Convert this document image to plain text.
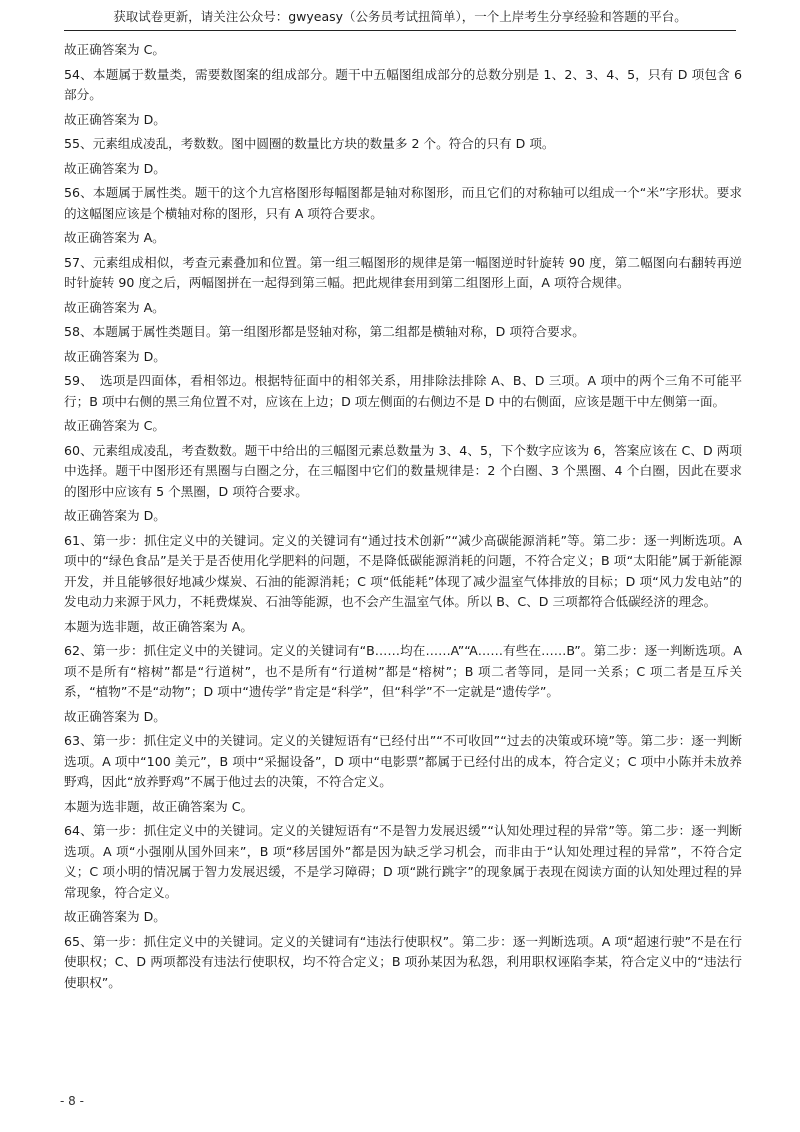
获取试卷更新，请关注公众号：gwyeasy（公务员考试扭简单），一个上岸考生分享经验和答题的平台。
故正确答案为 C。
54、本题属于数量类，需要数图案的组成部分。题干中五幅图组成部分的总数分别是 1、2、3、4、5，只有 D 项包含 6 部分。
故正确答案为 D。
55、元素组成凌乱，考数数。图中圆圈的数量比方块的数量多 2 个。符合的只有 D 项。
故正确答案为 D。
56、本题属于属性类。题干的这个九宫格图形每幅图都是轴对称图形，而且它们的对称轴可以组成一个“米”字形状。要求的这幅图应该是个横轴对称的图形，只有 A 项符合要求。
故正确答案为 A。
57、元素组成相似，考查元素叠加和位置。第一组三幅图形的规律是第一幅图逆时针旋转 90 度，第二幅图向右翻转再逆时针旋转 90 度之后，两幅图拼在一起得到第三幅。把此规律套用到第二组图形上面，A 项符合规律。
故正确答案为 A。
58、本题属于属性类题目。第一组图形都是竖轴对称，第二组都是横轴对称，D 项符合要求。
故正确答案为 D。
59、　选项是四面体，看相邻边。根据特征面中的相邻关系，用排除法排除 A、B、D 三项。A 项中的两个三角不可能平行；B 项中右侧的黑三角位置不对，应该在上边；D 项左侧面的右侧边不是 D 中的右侧面，应该是题干中左侧第一面。
故正确答案为 C。
60、元素组成凌乱，考查数数。题干中给出的三幅图元素总数量为 3、4、5，下个数字应该为 6，答案应该在 C、D 两项中选择。题干中图形还有黑圈与白圈之分，在三幅图中它们的数量规律是：2 个白圈、3 个黑圈、4 个白圈，因此在要求的图形中应该有 5 个黑圈，D 项符合要求。
故正确答案为 D。
61、第一步：抓住定义中的关键词。定义的关键词有“通过技术创新”“减少高碳能源消耗”等。第二步：逐一判断选项。A 项中的“绿色食品”是关于是否使用化学肥料的问题，不是降低碳能源消耗的问题，不符合定义；B 项“太阳能”属于新能源开发，并且能够很好地减少煤炭、石油的能源消耗；C 项“低能耗”体现了减少温室气体排放的目标；D 项“风力发电站”的发电动力来源于风力，不耗费煤炭、石油等能源，也不会产生温室气体。所以 B、C、D 三项都符合低碳经济的理念。
本题为选非题，故正确答案为 A。
62、第一步：抓住定义中的关键词。定义的关键词有“B……均在……A”“A……有些在……B”。第二步：逐一判断选项。A 项不是所有“榕树”都是“行道树”，也不是所有“行道树”都是“榕树”；B 项二者等同，是同一关系；C 项二者是互斥关系，“植物”不是“动物”；D 项中“遗传学”肯定是“科学”，但“科学”不一定就是“遗传学”。
故正确答案为 D。
63、第一步：抓住定义中的关键词。定义的关键短语有“已经付出”“不可收回”“过去的决策或环境”等。第二步：逐一判断选项。A 项中“100 美元”，B 项中“采掘设备”，D 项中“电影票”都属于已经付出的成本，符合定义；C 项中小陈并未放养野鸡，因此“放养野鸡”不属于他过去的决策，不符合定义。
本题为选非题，故正确答案为 C。
64、第一步：抓住定义中的关键词。定义的关键短语有“不是智力发展迟缓”“认知处理过程的异常”等。第二步：逐一判断选项。A 项“小强刚从国外回来”，B 项“移居国外”都是因为缺乏学习机会，而非由于“认知处理过程的异常”，不符合定义；C 项小明的情况属于智力发展迟缓，不是学习障碍；D 项“跳行跳字”的现象属于表现在阅读方面的认知处理过程的异常现象，符合定义。
故正确答案为 D。
65、第一步：抓住定义中的关键词。定义的关键词有“违法行使职权”。第二步：逐一判断选项。A 项“超速行驶”不是在行使职权；C、D 两项都没有违法行使职权，均不符合定义；B 项孙某因为私怨，利用职权诬陷李某，符合定义中的“违法行使职权”。
- 8 -
